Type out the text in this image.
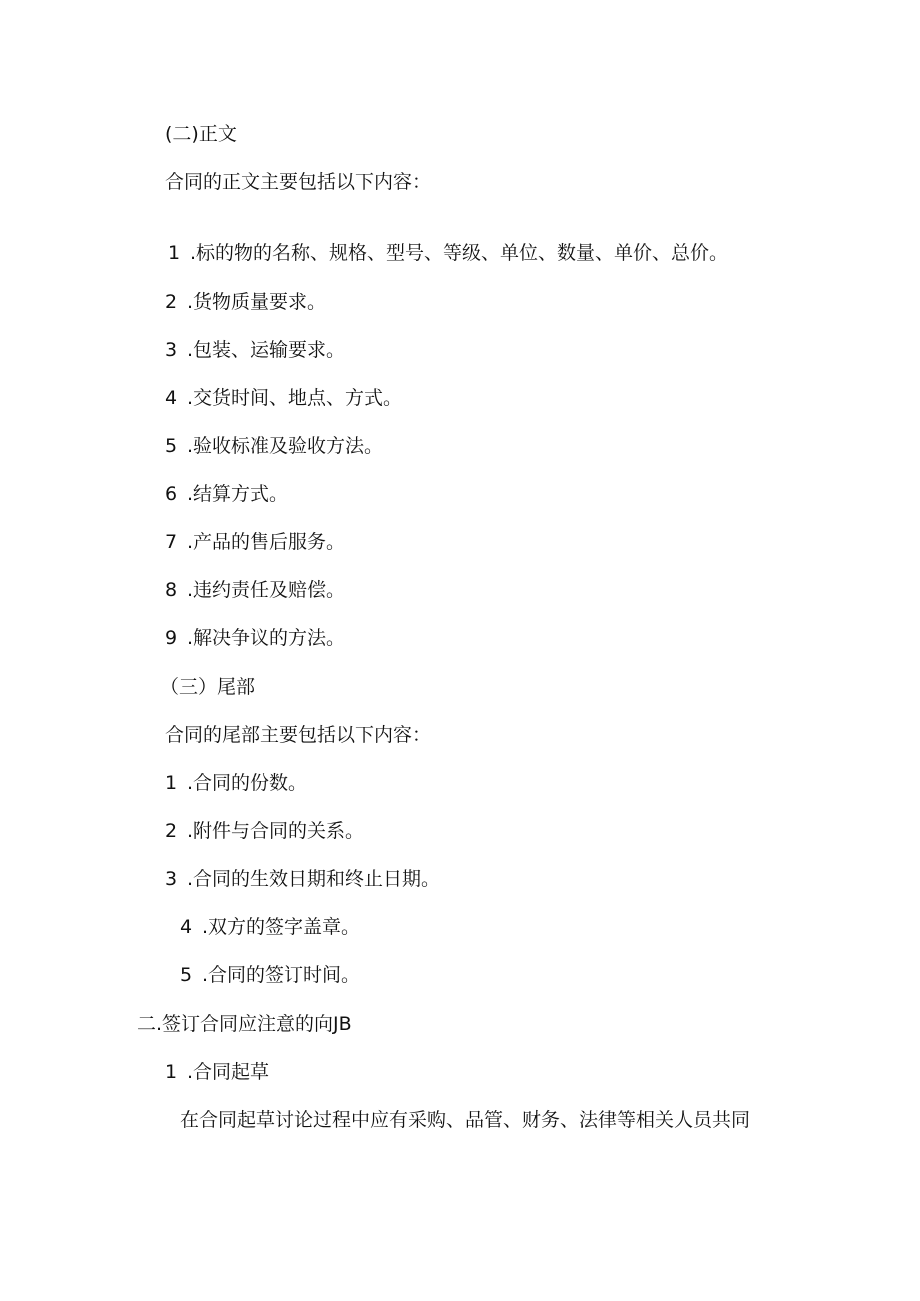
(二)正文
合同的正文主要包括以下内容：
1 .标的物的名称、规格、型号、等级、单位、数量、单价、总价。
2 .货物质量要求。
3 .包装、运输要求。
4 .交货时间、地点、方式。
5 .验收标准及验收方法。
6 .结算方式。
7 .产品的售后服务。
8 .违约责任及赔偿。
9 .解决争议的方法。
（三）尾部
合同的尾部主要包括以下内容：
1 .合同的份数。
2 .附件与合同的关系。
3 .合同的生效日期和终止日期。
4 .双方的签字盖章。
5 .合同的签订时间。
二.签订合同应注意的向JB
1 .合同起草
在合同起草讨论过程中应有采购、品管、财务、法律等相关人员共同
